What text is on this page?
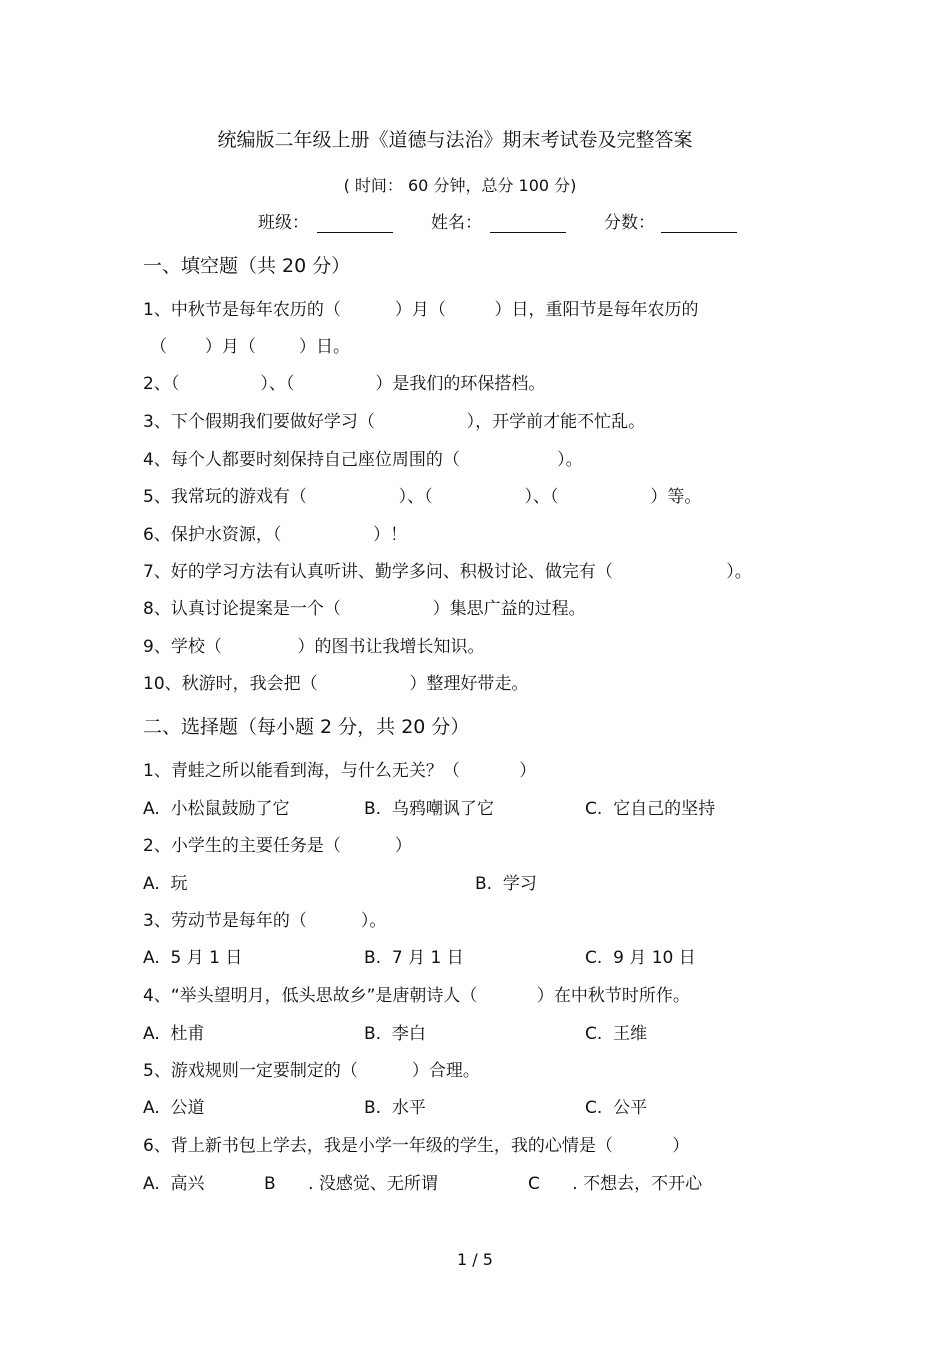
统编版二年级上册《道德与法治》期末考试卷及完整答案
( 时间： 60 分钟，总分 100 分)
班级：	姓名：	分数：
一、填空题（共 20 分）
1、中秋节是每年农历的（          ）月（         ）日，重阳节是每年农历的
（       ）月（        ）日。
2、（               ）、（               ）是我们的环保搭档。
3、下个假期我们要做好学习（                 ），开学前才能不忙乱。
4、每个人都要时刻保持自己座位周围的（                  ）。
5、我常玩的游戏有（                 ）、（                 ）、（                 ）等。
6、保护水资源，（                 ）！
7、好的学习方法有认真听讲、勤学多问、积极讨论、做完有（                     ）。
8、认真讨论提案是一个（                 ）集思广益的过程。
9、学校（              ）的图书让我增长知识。
10、秋游时，我会把（                 ）整理好带走。
二、选择题（每小题 2 分，共 20 分）
1、青蛙之所以能看到海，与什么无关？（           ）
A.  小松鼠鼓励了它	B.  乌鸦嘲讽了它	C.  它自己的坚持
2、小学生的主要任务是（          ）
A.  玩	B.  学习
3、劳动节是每年的（          ）。
A.  5 月 1 日	B.  7 月 1 日	C.  9 月 10 日
4、“举头望明月，低头思故乡”是唐朝诗人（           ）在中秋节时所作。
A.  杜甫	B.  李白	C.  王维
5、游戏规则一定要制定的（          ）合理。
A.  公道	B.  水平	C.  公平
6、背上新书包上学去，我是小学一年级的学生，我的心情是（           ）
A.  高兴	B      . 没感觉、无所谓	C      . 不想去，不开心
1 / 5
